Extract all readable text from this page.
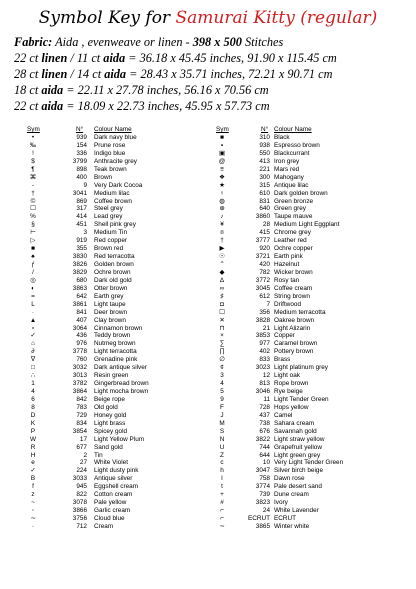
Symbol Key for Samurai Kitty (regular)
Fabric: Aida , evenweave or linen - 398 x 500 Stitches
22 ct linen / 11 ct aida = 36.18 x 45.45 inches, 91.90 x 115.45 cm
28 ct linen / 14 ct aida = 28.43 x 35.71 inches, 72.21 x 90.71 cm
18 ct aida = 22.11 x 27.78 inches, 56.16 x 70.56 cm
22 ct aida = 18.09 x 22.73 inches, 45.95 x 57.73 cm
Sym	N° Colour Name
•	939 Dark navy blue
‰	154 Prune rose
!	336 Indigo blue
$	3799 Anthracite grey
¶	898 Teak brown
⌘	400 Brown
-	9 Very Dark Cocoa
†	3041 Medium lilac
©	869 Coffee brown
☐	317 Steel grey
%	414 Lead grey
§	451 Shell pink grey
⊢	3 Medium Tin
▷	919 Red copper
■	355 Brown red
♠	3830 Red terracotta
ƒ	3826 Golden brown
/	3829 Ochre brown
◎	680 Dark old gold
◐	3863 Otter brown
=	642 Earth grey
L	3861 Light taupe
·	841 Deer brown
▲	407 Clay brown
⋆	3064 Cinnamon brown
✓	436 Teddy brown
⌂	976 Nutmeg brown
∂	3778 Light terracotta
∇	760 Grenadine pink
□	3032 Dark antique silver
∴	3013 Resin green
1	3782 Gingerbread brown
4	3864 Light mocha brown
6	842 Beige rope
8	783 Old gold
D	729 Honey gold
K	834 Light brass
P	3854 Spicey gold
W	17 Light Yellow Plum
R	677 Sand gold
H	2 Tin
e	27 White Violet
✓	224 Light dusty pink
B	3033 Antique silver
f	945 Eggshell cream
z	822 Cotton cream
~	3078 Pale yellow
◦	3866 Garlic cream
∼	3756 Cloud blue
∙	712 Cream
Sym	N° Colour Name
■	310 Black
▪	938 Espresso brown
▣	550 Blackcurrant
@	413 Iron grey
≡	221 Mars red
❖	300 Mahogany
★	315 Antique lilac
♀	610 Dark golden brown
◍	831 Green bronze
⊕	640 Green grey
♪	3860 Taupe mauve
¥	28 Medium Light Eggplant
¤	415 Chrome grey
†	3777 Leather red
▶	920 Ochre copper
☉	3721 Earth pink
⌃	420 Hazelnut
◆	782 Wicker brown
∆	3772 Rosy tan
∞	3045 Coffee cream
♯	612 String brown
◘	7 Driftwood
☐	356 Medium terracotta
✕	3828 Oakree brown
⊓	21 Light Alizarin
×	3853 Copper
∑	977 Caramel brown
∏	402 Pottery brown
∅	833 Brass
¢	3023 Light platinum grey
3	12 Light oak
4	813 Rope brown
5	3046 Rye beige
9	11 Light Tender Green
F	728 Hops yellow
J	437 Camel
M	738 Sahara cream
S	676 Savannah gold
N	3822 Light straw yellow
U	744 Grapefruit yellow
Z	644 Light green grey
c	10 Very Light Tender Green
h	3047 Silver birch beige
l	758 Dawn rose
t	3774 Pale desert sand
+	739 Dune cream
#	3823 Ivory
⌐	24 White Lavender
⌐	ECRUT ECRUT
∼	3865 Winter white
